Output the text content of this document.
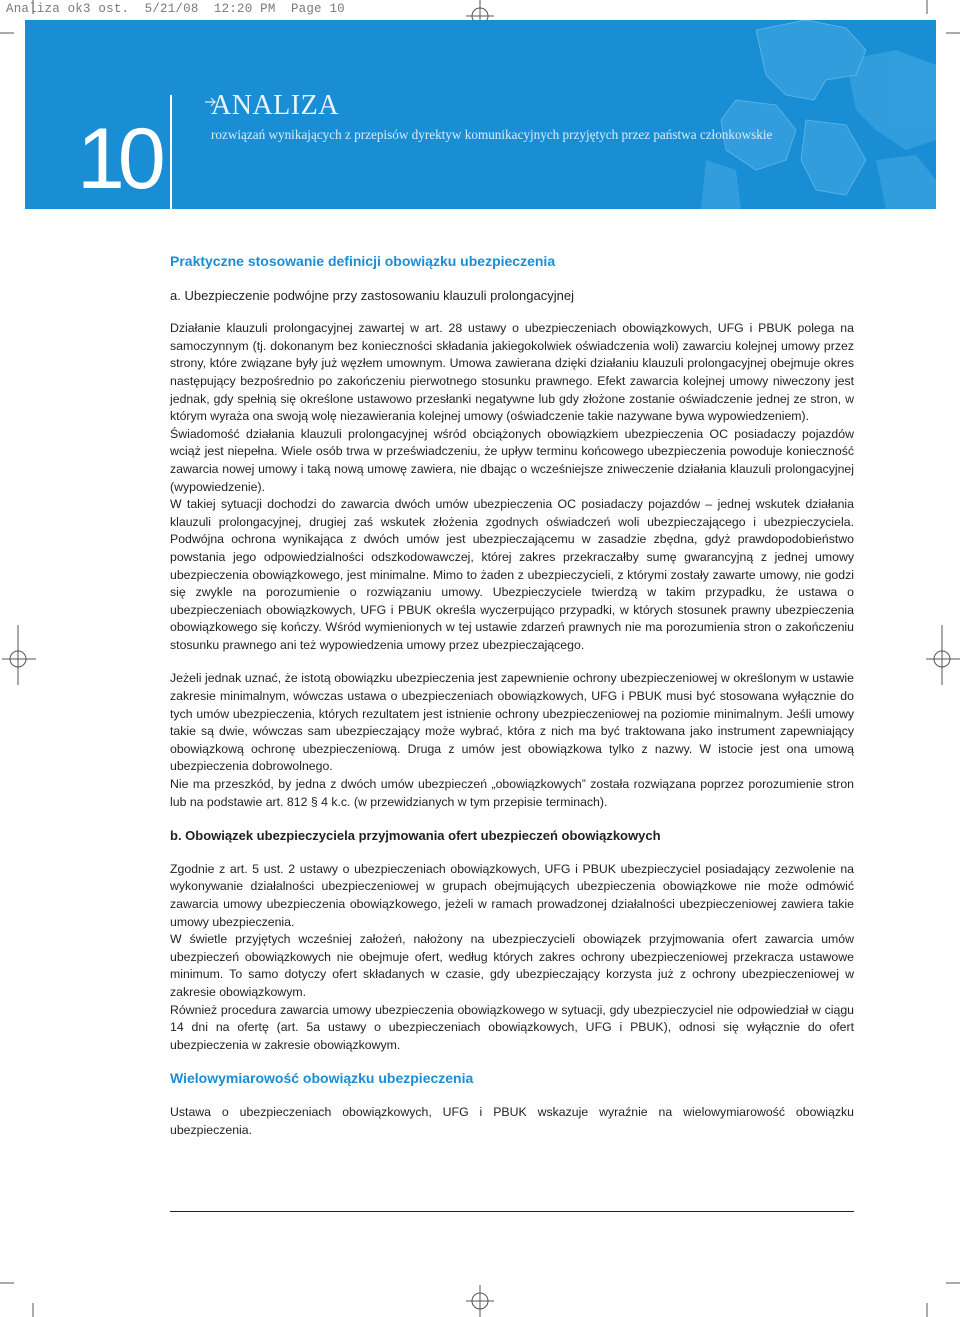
Analiza ok3 ost.  5/21/08  12:20 PM  Page 10
10
ANALIZA
rozwiązań wynikających z przepisów dyrektyw komunikacyjnych przyjętych przez państwa członkowskie
Praktyczne stosowanie definicji obowiązku ubezpieczenia
a. Ubezpieczenie podwójne przy zastosowaniu klauzuli prolongacyjnej

Działanie klauzuli prolongacyjnej zawartej w art. 28 ustawy o ubezpieczeniach obowiązkowych, UFG i PBUK polega na samoczynnym (tj. dokonanym bez konieczności składania jakiegokolwiek oświadczenia woli) zawarciu kolejnej umowy przez strony, które związane były już węzłem umownym. Umowa zawierana dzięki działaniu klauzuli prolongacyjnej obejmuje okres następujący bezpośrednio po zakończeniu pierwotnego stosunku prawnego. Efekt zawarcia kolejnej umowy niweczony jest jednak, gdy spełnią się określone ustawowo przesłanki negatywne lub gdy złożone zostanie oświadczenie jednej ze stron, w którym wyraża ona swoją wolę niezawierania kolejnej umowy (oświadczenie takie nazywane bywa wypowiedzeniem).

Świadomość działania klauzuli prolongacyjnej wśród obciążonych obowiązkiem ubezpieczenia OC posiadaczy pojazdów wciąż jest niepełna. Wiele osób trwa w przeświadczeniu, że upływ terminu końcowego ubezpieczenia powoduje konieczność zawarcia nowej umowy i taką nową umowę zawiera, nie dbając o wcześniejsze zniweczenie działania klauzuli prolongacyjnej (wypowiedzenie).

W takiej sytuacji dochodzi do zawarcia dwóch umów ubezpieczenia OC posiadaczy pojazdów – jednej wskutek działania klauzuli prolongacyjnej, drugiej zaś wskutek złożenia zgodnych oświadczeń woli ubezpieczającego i ubezpieczyciela. Podwójna ochrona wynikająca z dwóch umów jest ubezpieczającemu w zasadzie zbędna, gdyż prawdopodobieństwo powstania jego odpowiedzialności odszkodowawczej, której zakres przekraczałby sumę gwarancyjną z jednej umowy ubezpieczenia obowiązkowego, jest minimalne. Mimo to żaden z ubezpieczycieli, z którymi zostały zawarte umowy, nie godzi się zwykle na porozumienie o rozwiązaniu umowy. Ubezpieczyciele twierdzą w takim przypadku, że ustawa o ubezpieczeniach obowiązkowych, UFG i PBUK określa wyczerpująco przypadki, w których stosunek prawny ubezpieczenia obowiązkowego się kończy. Wśród wymienionych w tej ustawie zdarzeń prawnych nie ma porozumienia stron o zakończeniu stosunku prawnego ani też wypowiedzenia umowy przez ubezpieczającego.

Jeżeli jednak uznać, że istotą obowiązku ubezpieczenia jest zapewnienie ochrony ubezpieczeniowej w określonym w ustawie zakresie minimalnym, wówczas ustawa o ubezpieczeniach obowiązkowych, UFG i PBUK musi być stosowana wyłącznie do tych umów ubezpieczenia, których rezultatem jest istnienie ochrony ubezpieczeniowej na poziomie minimalnym. Jeśli umowy takie są dwie, wówczas sam ubezpieczający może wybrać, która z nich ma być traktowana jako instrument zapewniający obowiązkową ochronę ubezpieczeniową. Druga z umów jest obowiązkowa tylko z nazwy. W istocie jest ona umową ubezpieczenia dobrowolnego.

Nie ma przeszkód, by jedna z dwóch umów ubezpieczeń „obowiązkowych” została rozwiązana poprzez porozumienie stron lub na podstawie art. 812 § 4 k.c. (w przewidzianych w tym przepisie terminach).

b. Obowiązek ubezpieczyciela przyjmowania ofert ubezpieczeń obowiązkowych

Zgodnie z art. 5 ust. 2 ustawy o ubezpieczeniach obowiązkowych, UFG i PBUK ubezpieczyciel posiadający zezwolenie na wykonywanie działalności ubezpieczeniowej w grupach obejmujących ubezpieczenia obowiązkowe nie może odmówić zawarcia umowy ubezpieczenia obowiązkowego, jeżeli w ramach prowadzonej działalności ubezpieczeniowej zawiera takie umowy ubezpieczenia.

W świetle przyjętych wcześniej założeń, nałożony na ubezpieczycieli obowiązek przyjmowania ofert zawarcia umów ubezpieczeń obowiązkowych nie obejmuje ofert, według których zakres ochrony ubezpieczeniowej przekracza ustawowe minimum. To samo dotyczy ofert składanych w czasie, gdy ubezpieczający korzysta już z ochrony ubezpieczeniowej w zakresie obowiązkowym.

Również procedura zawarcia umowy ubezpieczenia obowiązkowego w sytuacji, gdy ubezpieczyciel nie odpowiedział w ciągu 14 dni na ofertę (art. 5a ustawy o ubezpieczeniach obowiązkowych, UFG i PBUK), odnosi się wyłącznie do ofert ubezpieczenia w zakresie obowiązkowym.

Wielowymiarowość obowiązku ubezpieczenia

Ustawa o ubezpieczeniach obowiązkowych, UFG i PBUK wskazuje wyraźnie na wielowymiarowość obowiązku ubezpieczenia.
